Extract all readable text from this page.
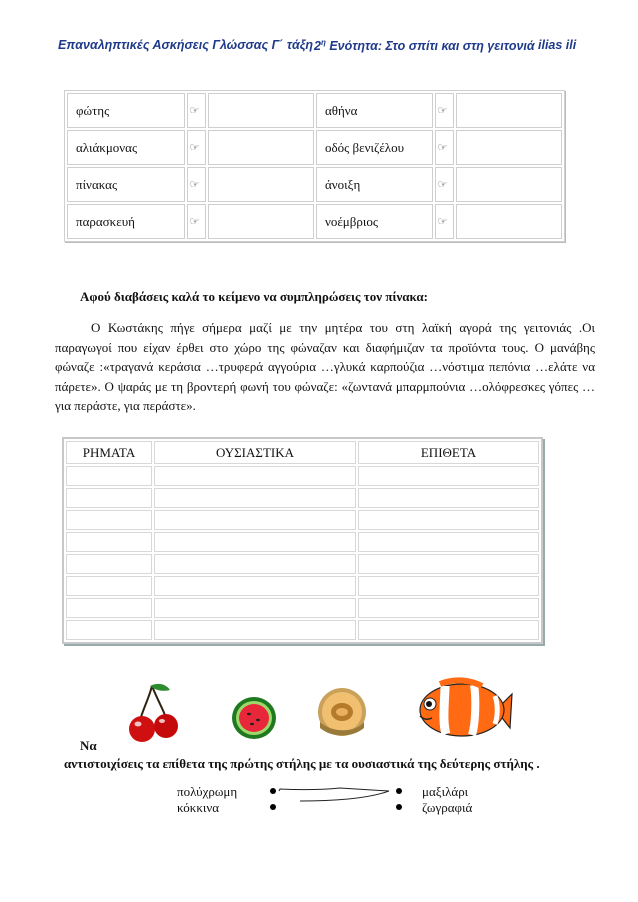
Επαναληπτικές Ασκήσεις Γλώσσας Γ΄ τάξη $2^\eta$ Ενότητα: Στο σπίτι και στη γειτονιά ilias ili
φώτης	☞		αθήνα	☞	
αλιάκμονας	☞		οδός βενιζέλου	☞	
πίνακας	☞		άνοιξη	☞	
παρασκευή	☞		νοέμβριος	☞	
Αφού διαβάσεις καλά το κείμενο να συμπληρώσεις τον πίνακα:
Ο Κωστάκης πήγε σήμερα μαζί με την μητέρα του στη λαϊκή αγορά της γειτονιάς .Οι παραγωγοί που είχαν έρθει στο χώρο της φώναζαν και διαφήμιζαν τα προϊόντα τους. Ο μανάβης φώναζε :«τραγανά κεράσια …τρυφερά αγγούρια …γλυκά καρπούζια …νόστιμα πεπόνια …ελάτε να πάρετε». Ο ψαράς με τη βροντερή φωνή του φώναζε: «ζωντανά μπαρμπούνια …ολόφρεσκες γόπες …για περάστε, για περάστε».
ΡΗΜΑΤΑ	ΟΥΣΙΑΣΤΙΚΑ	ΕΠΙΘΕΤΑ

Να
αντιστοιχίσεις τα επίθετα της πρώτης στήλης με τα ουσιαστικά της δεύτερης στήλης .
πολύχρωμη
κόκκινα
μαξιλάρι
ζωγραφιά
